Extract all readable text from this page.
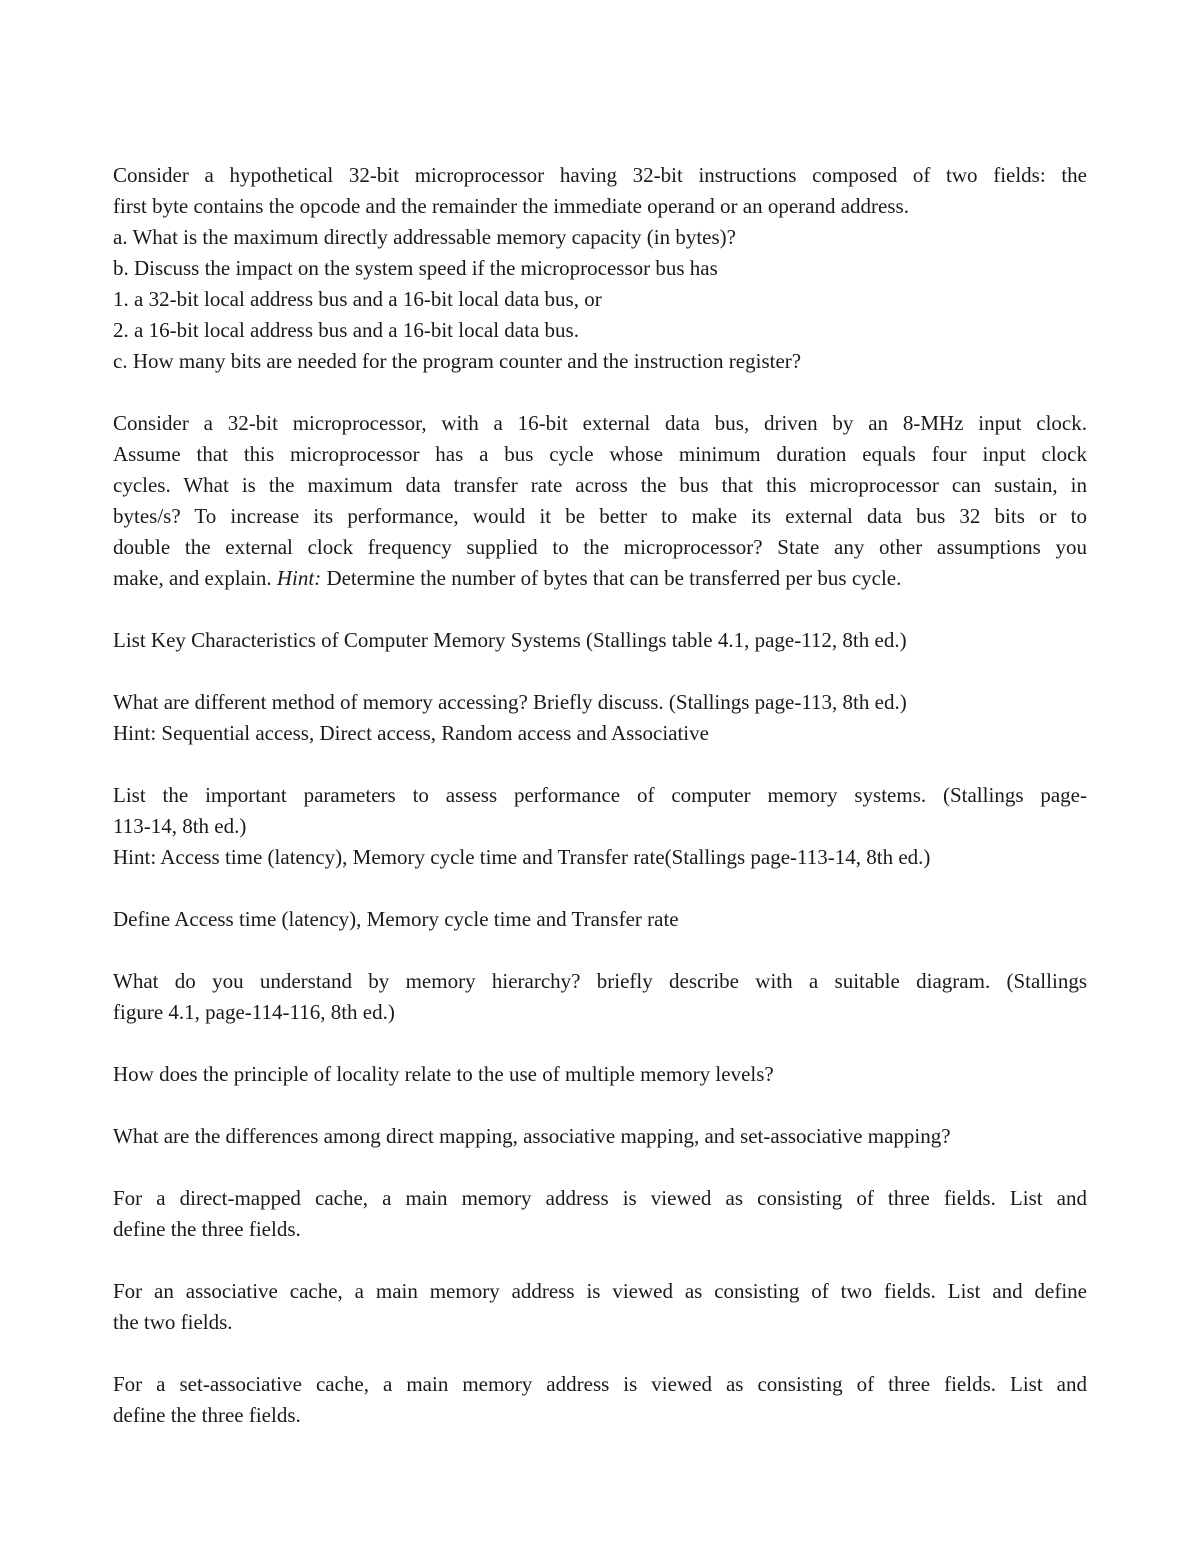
Consider a hypothetical 32-bit microprocessor having 32-bit instructions composed of two fields: the
first byte contains the opcode and the remainder the immediate operand or an operand address.
a. What is the maximum directly addressable memory capacity (in bytes)?
b. Discuss the impact on the system speed if the microprocessor bus has
1. a 32-bit local address bus and a 16-bit local data bus, or
2. a 16-bit local address bus and a 16-bit local data bus.
c. How many bits are needed for the program counter and the instruction register?
Consider a 32-bit microprocessor, with a 16-bit external data bus, driven by an 8-MHz input clock.
Assume that this microprocessor has a bus cycle whose minimum duration equals four input clock
cycles. What is the maximum data transfer rate across the bus that this microprocessor can sustain, in
bytes/s? To increase its performance, would it be better to make its external data bus 32 bits or to
double the external clock frequency supplied to the microprocessor? State any other assumptions you
make, and explain. Hint: Determine the number of bytes that can be transferred per bus cycle.
List Key Characteristics of Computer Memory Systems (Stallings table 4.1, page-112, 8th ed.)
What are different method of memory accessing? Briefly discuss. (Stallings page-113, 8th ed.)
Hint: Sequential access, Direct access, Random access and Associative
List the important parameters to assess performance of computer memory systems. (Stallings page-
113-14, 8th ed.)
Hint: Access time (latency), Memory cycle time and Transfer rate(Stallings page-113-14, 8th ed.)
Define Access time (latency), Memory cycle time and Transfer rate
What do you understand by memory hierarchy? briefly describe with a suitable diagram. (Stallings
figure 4.1, page-114-116, 8th ed.)
How does the principle of locality relate to the use of multiple memory levels?
What are the differences among direct mapping, associative mapping, and set-associative mapping?
For a direct-mapped cache, a main memory address is viewed as consisting of three fields. List and
define the three fields.
For an associative cache, a main memory address is viewed as consisting of two fields. List and define
the two fields.
For a set-associative cache, a main memory address is viewed as consisting of three fields. List and
define the three fields.
